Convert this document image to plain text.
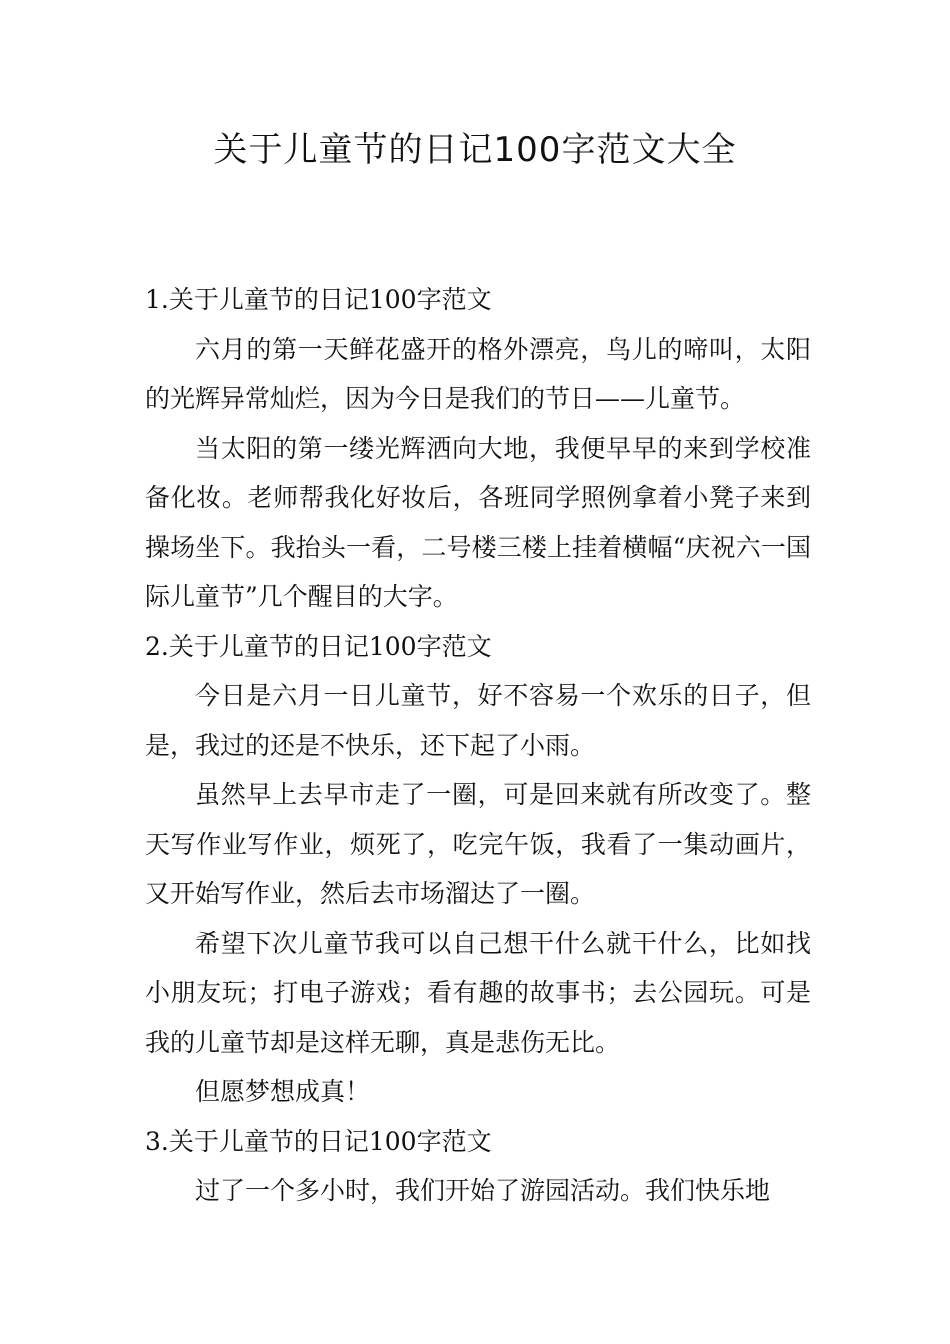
关于儿童节的日记100字范文大全

1.关于儿童节的日记100字范文

六月的第一天鲜花盛开的格外漂亮，鸟儿的啼叫，太阳的光辉异常灿烂，因为今日是我们的节日——儿童节。

当太阳的第一缕光辉洒向大地，我便早早的来到学校准备化妆。老师帮我化好妆后，各班同学照例拿着小凳子来到操场坐下。我抬头一看，二号楼三楼上挂着横幅“庆祝六一国际儿童节”几个醒目的大字。

2.关于儿童节的日记100字范文

今日是六月一日儿童节，好不容易一个欢乐的日子，但是，我过的还是不快乐，还下起了小雨。

虽然早上去早市走了一圈，可是回来就有所改变了。整天写作业写作业，烦死了，吃完午饭，我看了一集动画片，又开始写作业，然后去市场溜达了一圈。

希望下次儿童节我可以自己想干什么就干什么，比如找小朋友玩；打电子游戏；看有趣的故事书；去公园玩。可是我的儿童节却是这样无聊，真是悲伤无比。

但愿梦想成真！

3.关于儿童节的日记100字范文

过了一个多小时，我们开始了游园活动。我们快乐地
